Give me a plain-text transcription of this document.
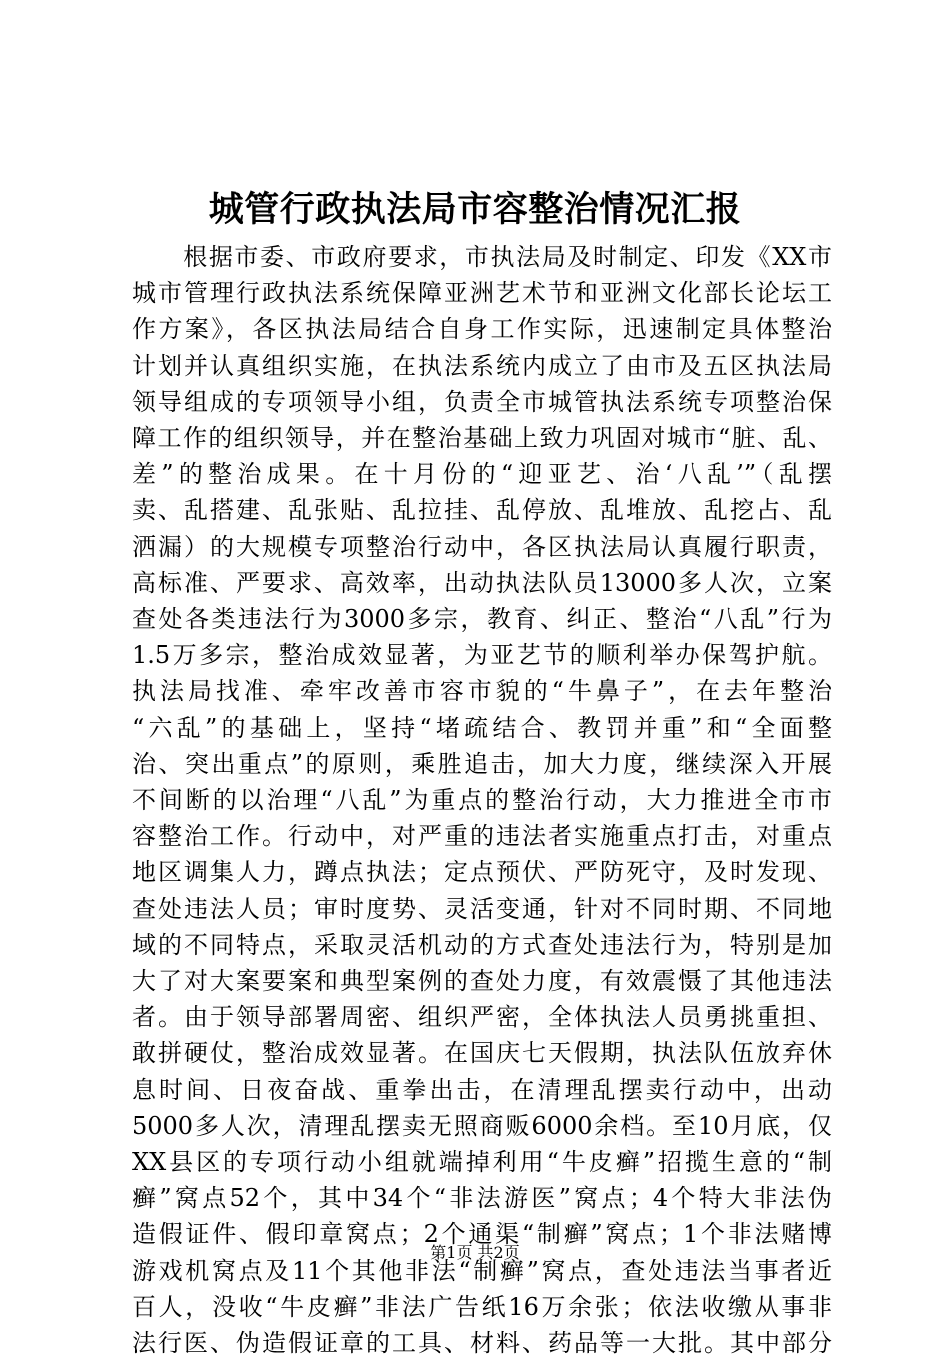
城管行政执法局市容整治情况汇报
　　根据市委、市政府要求，市执法局及时制定、印发《XX市
城市管理行政执法系统保障亚洲艺术节和亚洲文化部长论坛工
作方案》，各区执法局结合自身工作实际，迅速制定具体整治
计划并认真组织实施，在执法系统内成立了由市及五区执法局
领导组成的专项领导小组，负责全市城管执法系统专项整治保
障工作的组织领导，并在整治基础上致力巩固对城市“脏、乱、
差”的整治成果。在十月份的“迎亚艺、治‘八乱’”（乱摆
卖、乱搭建、乱张贴、乱拉挂、乱停放、乱堆放、乱挖占、乱
洒漏）的大规模专项整治行动中，各区执法局认真履行职责，
高标准、严要求、高效率，出动执法队员13000多人次，立案
查处各类违法行为3000多宗，教育、纠正、整治“八乱”行为
1.5万多宗，整治成效显著，为亚艺节的顺利举办保驾护航。
执法局找准、牵牢改善市容市貌的“牛鼻子”，在去年整治
“六乱”的基础上，坚持“堵疏结合、教罚并重”和“全面整
治、突出重点”的原则，乘胜追击，加大力度，继续深入开展
不间断的以治理“八乱”为重点的整治行动，大力推进全市市
容整治工作。行动中，对严重的违法者实施重点打击，对重点
地区调集人力，蹲点执法；定点预伏、严防死守，及时发现、
查处违法人员；审时度势、灵活变通，针对不同时期、不同地
域的不同特点，采取灵活机动的方式查处违法行为，特别是加
大了对大案要案和典型案例的查处力度，有效震慑了其他违法
者。由于领导部署周密、组织严密，全体执法人员勇挑重担、
敢拼硬仗，整治成效显著。在国庆七天假期，执法队伍放弃休
息时间、日夜奋战、重拳出击，在清理乱摆卖行动中，出动
5000多人次，清理乱摆卖无照商贩6000余档。至10月底，仅
XX县区的专项行动小组就端掉利用“牛皮癣”招揽生意的“制
癣”窝点52个，其中34个“非法游医”窝点；4个特大非法伪
造假证件、假印章窝点；2个通渠“制癣”窝点；1个非法赌博
游戏机窝点及11个其他非法“制癣”窝点，查处违法当事者近
百人，没收“牛皮癣”非法广告纸16万余张；依法收缴从事非
法行医、伪造假证章的工具、材料、药品等一大批。其中部分
第1页 共2页
